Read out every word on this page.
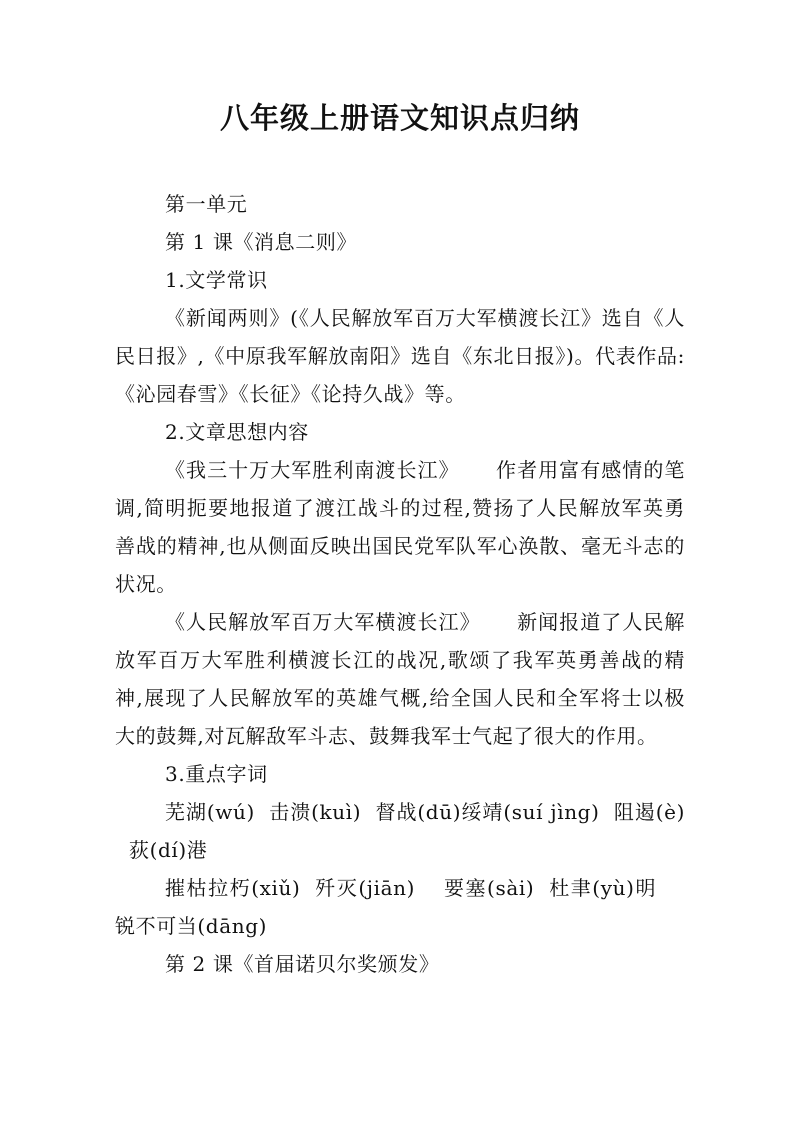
八年级上册语文知识点归纳

第一单元

第 1 课《消息二则》

1.文学常识

《新闻两则》(《人民解放军百万大军横渡长江》选自《人民日报》,《中原我军解放南阳》选自《东北日报》)。代表作品:《沁园春雪》《长征》《论持久战》等。

2.文章思想内容

《我三十万大军胜利南渡长江》 作者用富有感情的笔调,简明扼要地报道了渡江战斗的过程,赞扬了人民解放军英勇善战的精神,也从侧面反映出国民党军队军心涣散、毫无斗志的状况。

《人民解放军百万大军横渡长江》 新闻报道了人民解放军百万大军胜利横渡长江的战况,歌颂了我军英勇善战的精神,展现了人民解放军的英雄气概,给全国人民和全军将士以极大的鼓舞,对瓦解敌军斗志、鼓舞我军士气起了很大的作用。

3.重点字词

芜湖(wú) 击溃(kuì) 督战(dū)绥靖(suí jìng) 阻遏(è)荻(dí)港

摧枯拉朽(xiǔ) 歼灭(jiān) 要塞(sài) 杜聿(yù)明锐不可当(dāng)

第 2 课《首届诺贝尔奖颁发》
